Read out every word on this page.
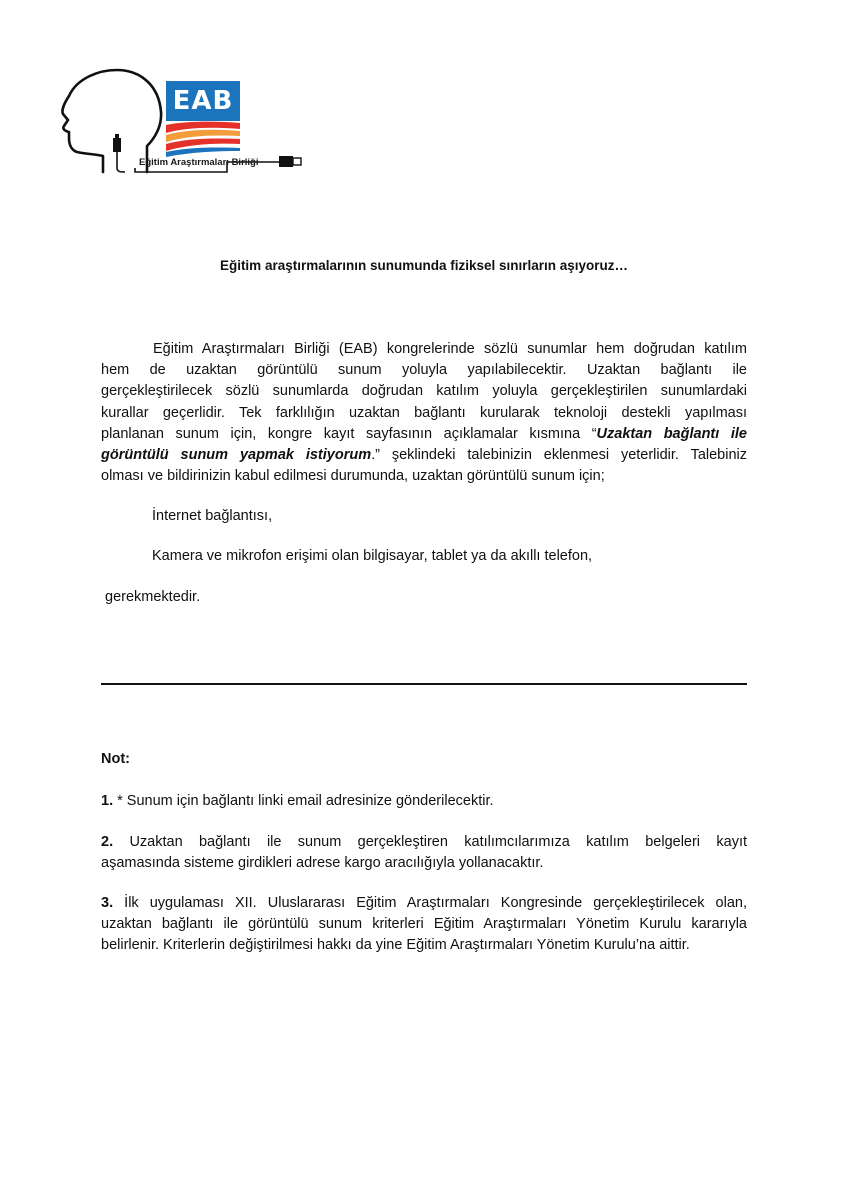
EAB
Eğitim Araştırmaları Birliği
Eğitim araştırmalarının sunumunda fiziksel sınırların aşıyoruz…
Eğitim Araştırmaları Birliği (EAB) kongrelerinde sözlü sunumlar hem doğrudan katılım
hem de uzaktan görüntülü sunum yoluyla yapılabilecektir. Uzaktan bağlantı ile
gerçekleştirilecek sözlü sunumlarda doğrudan katılım yoluyla gerçekleştirilen sunumlardaki
kurallar geçerlidir. Tek farklılığın uzaktan bağlantı kurularak teknoloji destekli yapılması
planlanan sunum için, kongre kayıt sayfasının açıklamalar kısmına “Uzaktan bağlantı ile
görüntülü sunum yapmak istiyorum.” şeklindeki talebinizin eklenmesi yeterlidir. Talebiniz
olması ve bildirinizin kabul edilmesi durumunda, uzaktan görüntülü sunum için;
İnternet bağlantısı,
Kamera ve mikrofon erişimi olan bilgisayar, tablet ya da akıllı telefon,
gerekmektedir.
Not:
1. * Sunum için bağlantı linki email adresinize gönderilecektir.
2. Uzaktan bağlantı ile sunum gerçekleştiren katılımcılarımıza katılım belgeleri kayıt
aşamasında sisteme girdikleri adrese kargo aracılığıyla yollanacaktır.
3. İlk uygulaması XII. Uluslararası Eğitim Araştırmaları Kongresinde gerçekleştirilecek olan,
uzaktan bağlantı ile görüntülü sunum kriterleri Eğitim Araştırmaları Yönetim Kurulu kararıyla
belirlenir. Kriterlerin değiştirilmesi hakkı da yine Eğitim Araştırmaları Yönetim Kurulu’na aittir.
